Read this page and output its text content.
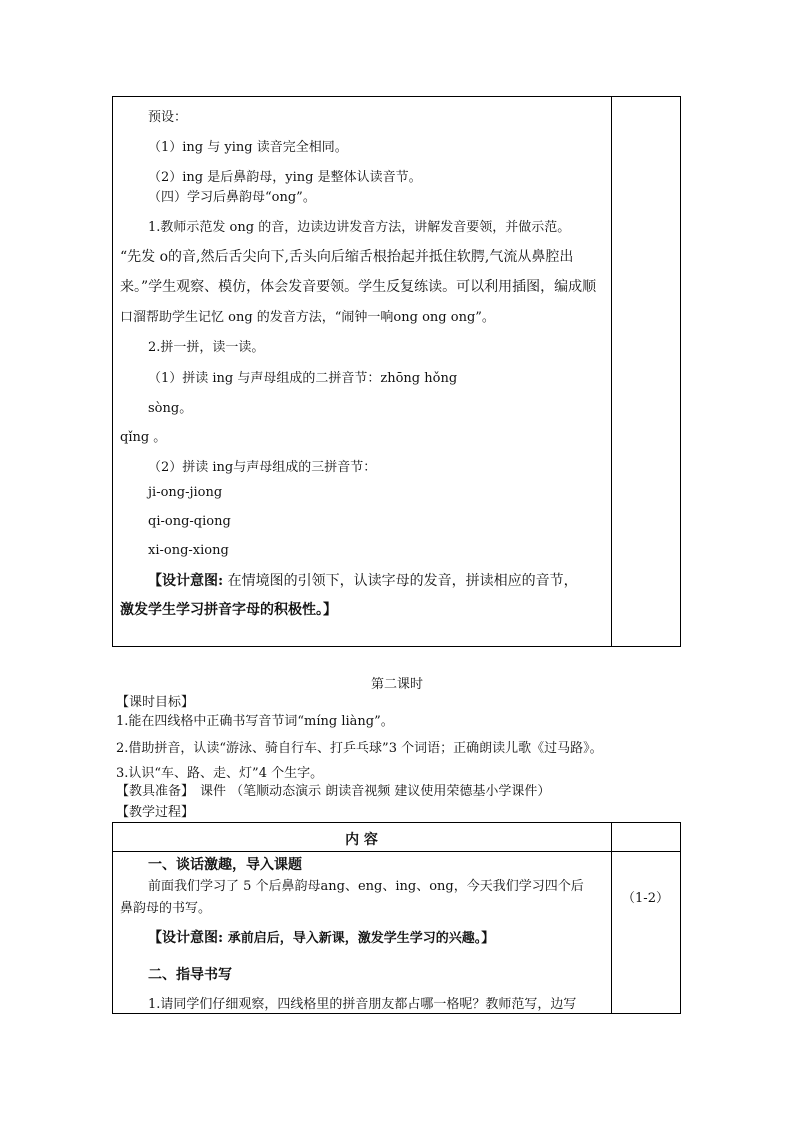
预设：
（1）ing 与 ying 读音完全相同。
（2）ing 是后鼻韵母，ying 是整体认读音节。
（四）学习后鼻韵母“ong”。
1.教师示范发 ong 的音，边读边讲发音方法，讲解发音要领，并做示范。
“先发 o的音,然后舌尖向下,舌头向后缩舌根抬起并抵住软腭,气流从鼻腔出
来。”学生观察、模仿，体会发音要领。学生反复练读。可以利用插图，编成顺
口溜帮助学生记忆 ong 的发音方法，“闹钟一响ong ong ong”。
2.拼一拼，读一读。
（1）拼读 ing 与声母组成的二拼音节：zhōng hǒng
sòng。
qǐng 。
（2）拼读 ing与声母组成的三拼音节：
ji-ong-jiong
qi-ong-qiong
xi-ong-xiong
【设计意图: 在情境图的引领下，认读字母的发音，拼读相应的音节，
激发学生学习拼音字母的积极性。】
第二课时
【课时目标】
1.能在四线格中正确书写音节词“míng liàng”。
2.借助拼音，认读“游泳、骑自行车、打乒乓球”3 个词语；正确朗读儿歌《过马路》。
3.认识“车、路、走、灯”4 个生字。
【教具准备】 课件 （笔顺动态演示 朗读音视频 建议使用荣德基小学课件）
【教学过程】
内 容
一、谈话激趣，导入课题
前面我们学习了 5 个后鼻韵母ang、eng、ing、ong，今天我们学习四个后
鼻韵母的书写。
（1-2）
【设计意图: 承前启后，导入新课，激发学生学习的兴趣。】
二、指导书写
1.请同学们仔细观察，四线格里的拼音朋友都占哪一格呢？教师范写，边写
